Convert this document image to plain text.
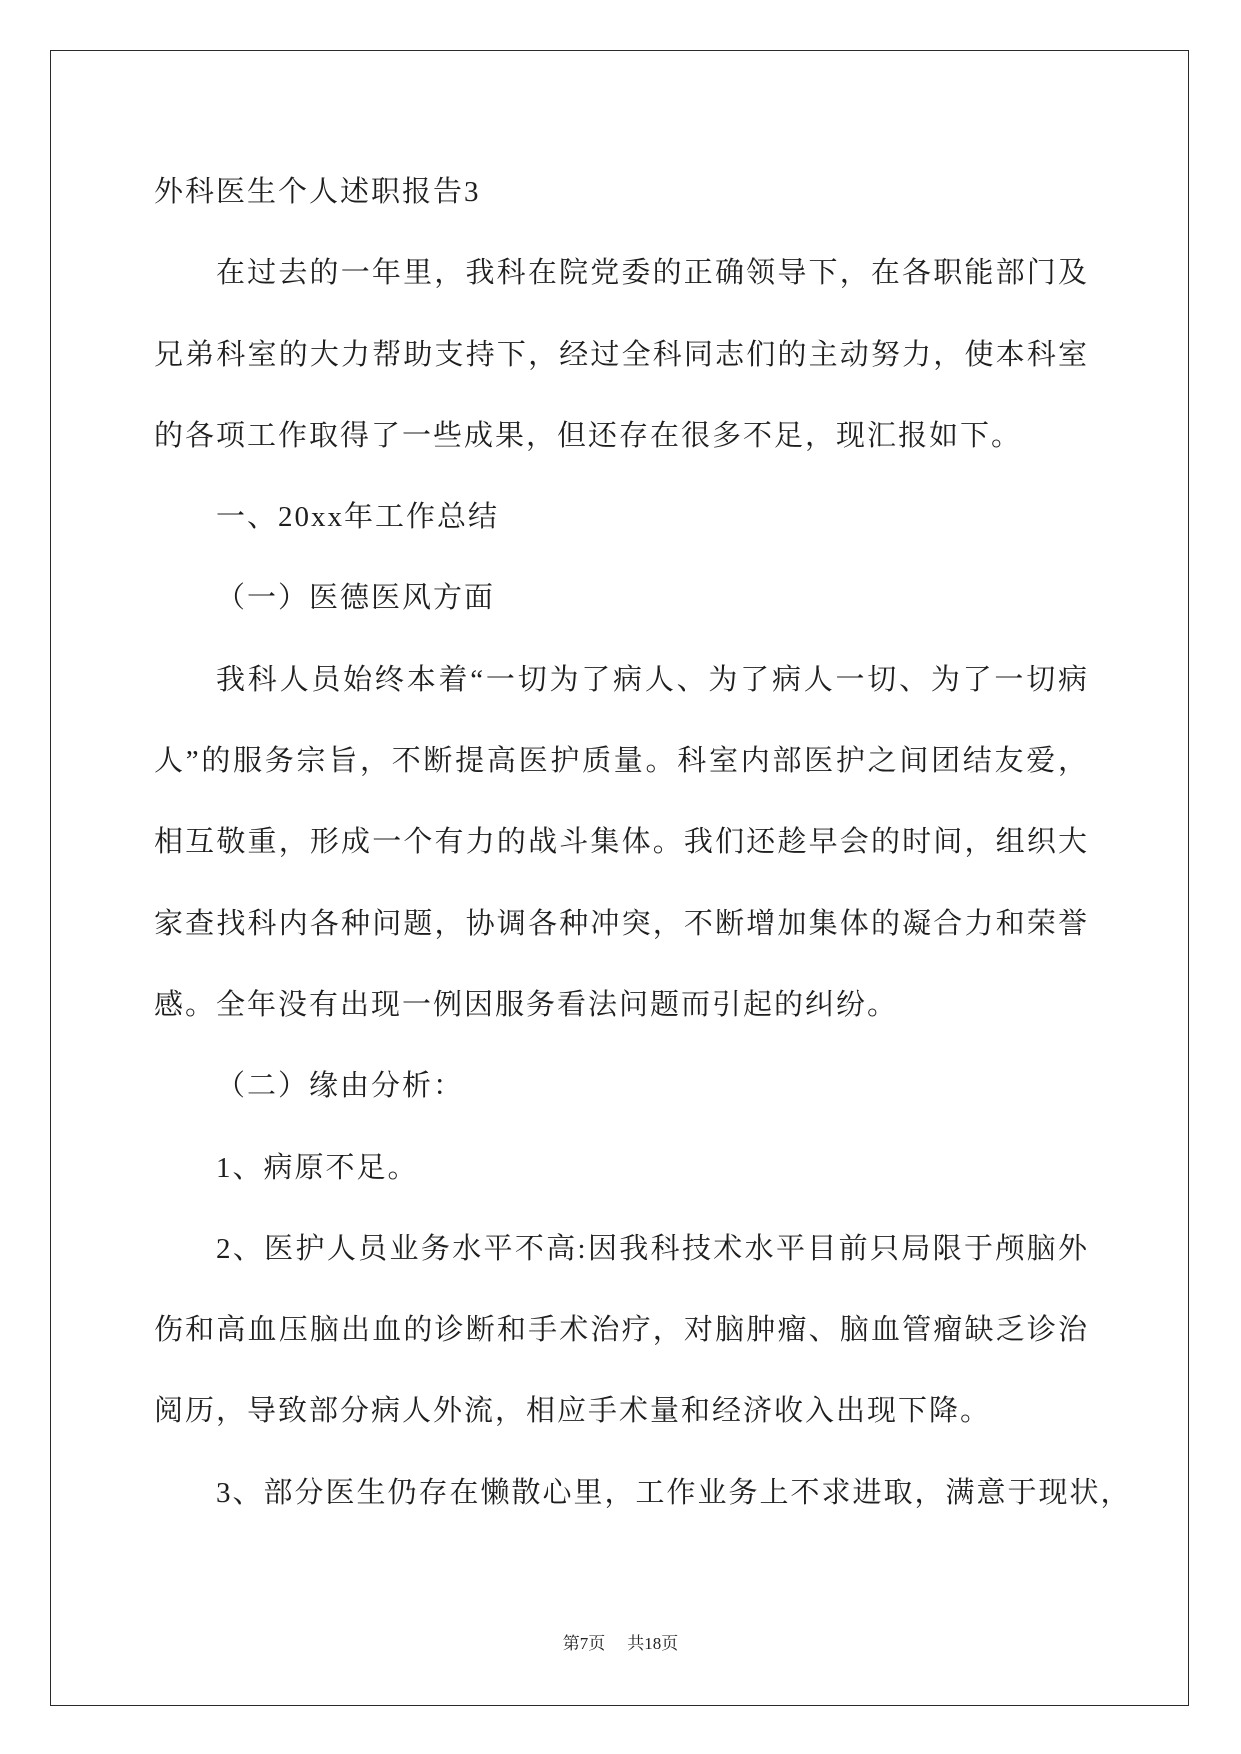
外科医生个人述职报告3
在过去的一年里，我科在院党委的正确领导下，在各职能部门及
兄弟科室的大力帮助支持下，经过全科同志们的主动努力，使本科室
的各项工作取得了一些成果，但还存在很多不足，现汇报如下。
一、20xx年工作总结
（一）医德医风方面
我科人员始终本着“一切为了病人、为了病人一切、为了一切病
人”的服务宗旨，不断提高医护质量。科室内部医护之间团结友爱，
相互敬重，形成一个有力的战斗集体。我们还趁早会的时间，组织大
家查找科内各种问题，协调各种冲突，不断增加集体的凝合力和荣誉
感。全年没有出现一例因服务看法问题而引起的纠纷。
（二）缘由分析：
1、病原不足。
2、医护人员业务水平不高:因我科技术水平目前只局限于颅脑外
伤和高血压脑出血的诊断和手术治疗，对脑肿瘤、脑血管瘤缺乏诊治
阅历，导致部分病人外流，相应手术量和经济收入出现下降。
3、部分医生仍存在懒散心里，工作业务上不求进取，满意于现状，
第7页 共18页
